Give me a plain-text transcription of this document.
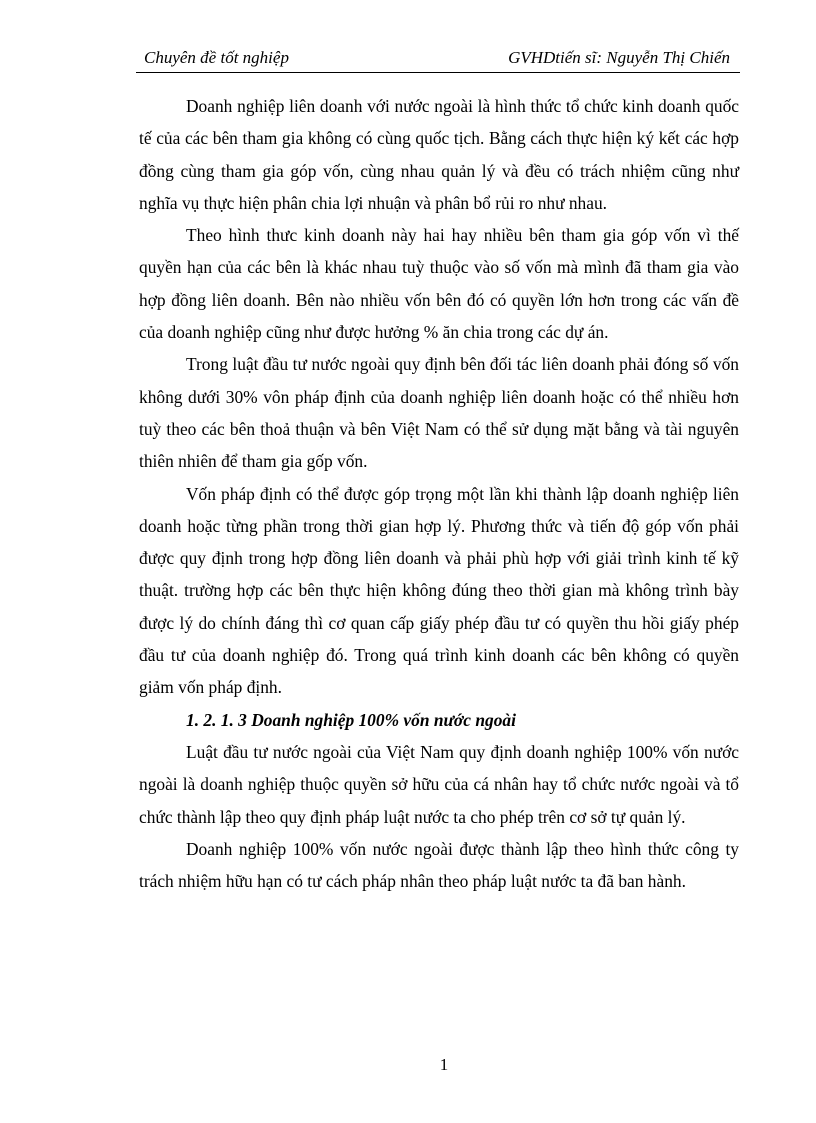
Chuyên đề tốt nghiệp	GVHDtiến sĩ: Nguyễn Thị Chiến

Doanh nghiệp liên doanh với nước ngoài là hình thức tổ chức kinh doanh quốc tế của các bên tham gia không có cùng quốc tịch. Bằng cách thực hiện ký kết các hợp đồng cùng tham gia góp vốn, cùng nhau quản lý và đều có trách nhiệm cũng như nghĩa vụ thực hiện phân chia lợi nhuận và phân bổ rủi ro như nhau.

Theo hình thưc kinh doanh này hai hay nhiều bên tham gia góp vốn vì thế quyền hạn của các bên là khác nhau tuỳ thuộc vào số vốn mà mình đã tham gia vào hợp đồng liên doanh. Bên nào nhiều vốn bên đó có quyền lớn hơn trong các vấn đề của doanh nghiệp cũng như được hưởng % ăn chia trong các dự án.

Trong luật đầu tư nước ngoài quy định bên đối tác liên doanh phải đóng số vốn không dưới 30% vôn pháp định của doanh nghiệp liên doanh hoặc có thể nhiều hơn tuỳ theo các bên thoả thuận và bên Việt Nam có thể sử dụng mặt bằng và tài nguyên thiên nhiên để tham gia gốp vốn.

Vốn pháp định có thể được góp trọng một lần khi thành lập doanh nghiệp liên doanh hoặc từng phần trong thời gian hợp lý. Phương thức và tiến độ góp vốn phải được quy định trong hợp đồng liên doanh và phải phù hợp với giải trình kinh tế kỹ thuật. trường hợp các bên thực hiện không đúng theo thời gian mà không trình bày được lý do chính đáng thì cơ quan cấp giấy phép đầu tư có quyền thu hồi giấy phép đầu tư của doanh nghiệp đó. Trong quá trình kinh doanh các bên không có quyền giảm vốn pháp định.

1. 2. 1. 3 Doanh nghiệp 100% vốn nước ngoài

Luật đầu tư nước ngoài của Việt Nam quy định doanh nghiệp 100% vốn nước ngoài là doanh nghiệp thuộc quyền sở hữu của cá nhân hay tổ chức nước ngoài và tổ chức thành lập theo quy định pháp luật nước ta cho phép trên cơ sở tự quản lý.

Doanh nghiệp 100% vốn nước ngoài được thành lập theo hình thức công ty trách nhiệm hữu hạn có tư cách pháp nhân theo pháp luật nước ta đã ban hành.

1
